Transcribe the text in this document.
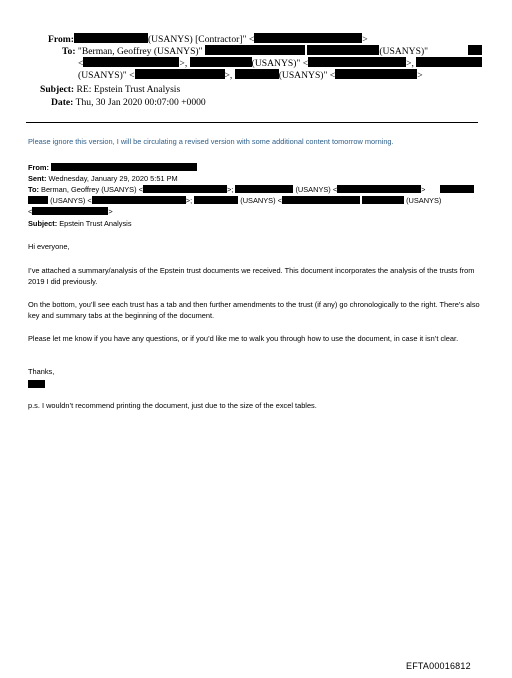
From:	(USANYS) [Contractor]" <	>
To: "Berman, Geoffrey (USANYS)"	(USANYS)"
<	>,	(USANYS)" <	>,
(USANYS)" <	>,	(USANYS)" <	>
Subject: RE: Epstein Trust Analysis
Date: Thu, 30 Jan 2020 00:07:00 +0000
Please ignore this version, I will be circulating a revised version with some additional content tomorrow morning.
From:
Sent: Wednesday, January 29, 2020 5:51 PM
To: Berman, Geoffrey (USANYS) <	>;	(USANYS) <	>
(USANYS) <	>;	(USANYS) <	(USANYS)
<	>
Subject: Epstein Trust Analysis
Hi everyone,
I’ve attached a summary/analysis of the Epstein trust documents we received. This document incorporates the analysis of the trusts from 2019 I did previously.
On the bottom, you’ll see each trust has a tab and then further amendments to the trust (if any) go chronologically to the right. There’s also key and summary tabs at the beginning of the document.
Please let me know if you have any questions, or if you’d like me to walk you through how to use the document, in case it isn’t clear.
Thanks,
p.s. I wouldn’t recommend printing the document, just due to the size of the excel tables.
EFTA00016812
